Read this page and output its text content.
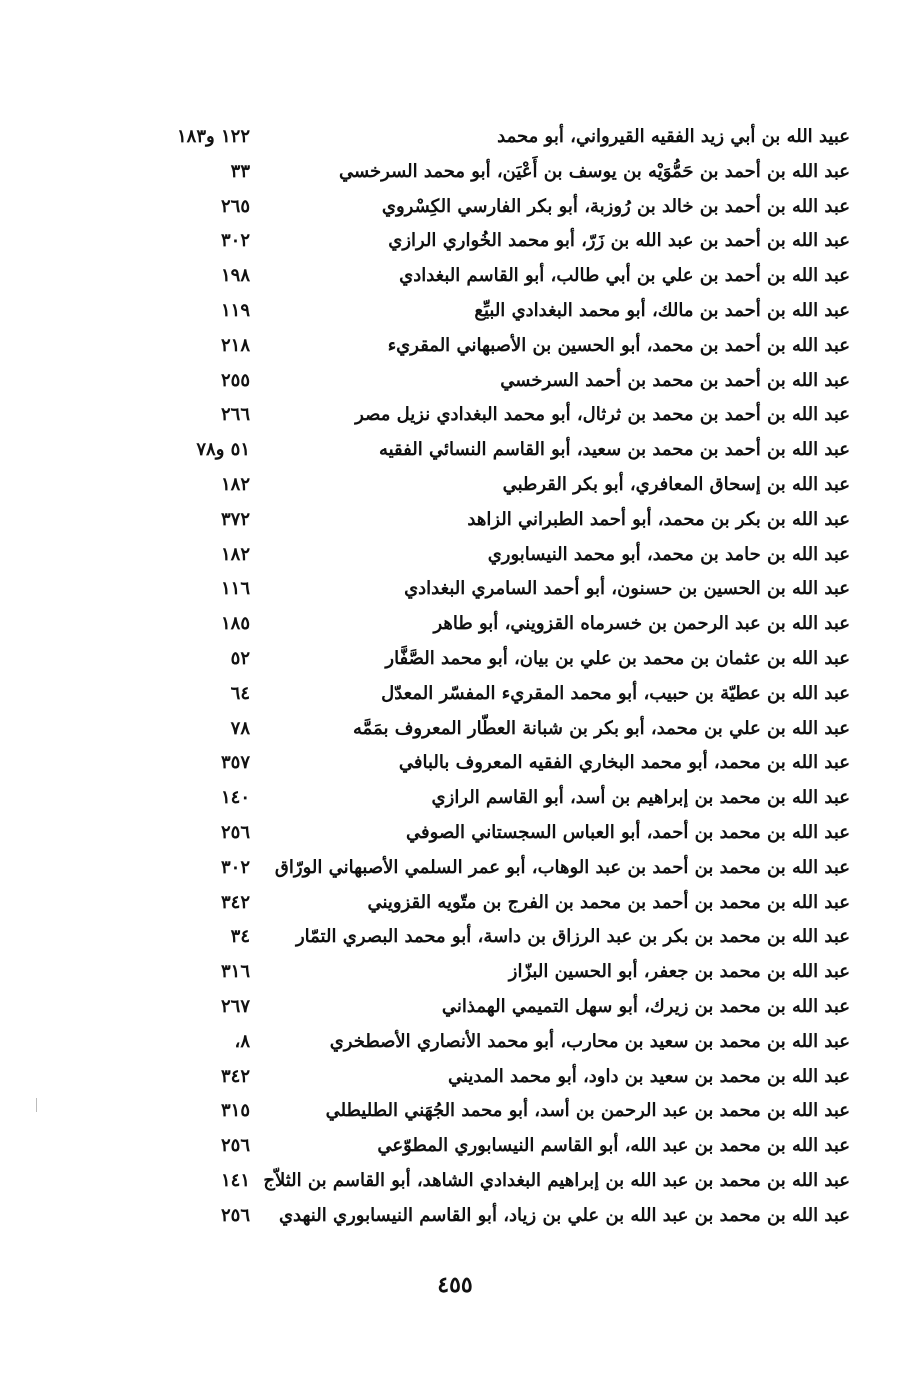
عبيد الله بن أبي زيد الفقيه القيرواني، أبو محمد
١٢٢ و١٨٣
عبد الله بن أحمد بن حَمُّوَيْه بن يوسف بن أَعْيَن، أبو محمد السرخسي
٣٣
عبد الله بن أحمد بن خالد بن رُوزبة، أبو بكر الفارسي الكِسْروي
٢٦٥
عبد الله بن أحمد بن عبد الله بن زَرّ، أبو محمد الخُواري الرازي
٣٠٢
عبد الله بن أحمد بن علي بن أبي طالب، أبو القاسم البغدادي
١٩٨
عبد الله بن أحمد بن مالك، أبو محمد البغدادي البيِّع
١١٩
عبد الله بن أحمد بن محمد، أبو الحسين بن الأصبهاني المقريء
٢١٨
عبد الله بن أحمد بن محمد بن أحمد السرخسي
٢٥٥
عبد الله بن أحمد بن محمد بن ثرثال، أبو محمد البغدادي نزيل مصر
٢٦٦
عبد الله بن أحمد بن محمد بن سعيد، أبو القاسم النسائي الفقيه
٥١ و٧٨
عبد الله بن إسحاق المعافري، أبو بكر القرطبي
١٨٢
عبد الله بن بكر بن محمد، أبو أحمد الطبراني الزاهد
٣٧٢
عبد الله بن حامد بن محمد، أبو محمد النيسابوري
١٨٢
عبد الله بن الحسين بن حسنون، أبو أحمد السامري البغدادي
١١٦
عبد الله بن عبد الرحمن بن خسرماه القزويني، أبو طاهر
١٨٥
عبد الله بن عثمان بن محمد بن علي بن بيان، أبو محمد الصَّفَّار
٥٢
عبد الله بن عطيّة بن حبيب، أبو محمد المقريء المفسّر المعدّل
٦٤
عبد الله بن علي بن محمد، أبو بكر بن شبانة العطّار المعروف بمَمَّه
٧٨
عبد الله بن محمد، أبو محمد البخاري الفقيه المعروف بالبافي
٣٥٧
عبد الله بن محمد بن إبراهيم بن أسد، أبو القاسم الرازي
١٤٠
عبد الله بن محمد بن أحمد، أبو العباس السجستاني الصوفي
٢٥٦
عبد الله بن محمد بن أحمد بن عبد الوهاب، أبو عمر السلمي الأصبهاني الورّاق
٣٠٢
عبد الله بن محمد بن أحمد بن محمد بن الفرج بن متّويه القزويني
٣٤٢
عبد الله بن محمد بن بكر بن عبد الرزاق بن داسة، أبو محمد البصري التمّار
٣٤
عبد الله بن محمد بن جعفر، أبو الحسين البزّاز
٣١٦
عبد الله بن محمد بن زيرك، أبو سهل التميمي الهمذاني
٢٦٧
عبد الله بن محمد بن سعيد بن محارب، أبو محمد الأنصاري الأصطخري
٨،
عبد الله بن محمد بن سعيد بن داود، أبو محمد المديني
٣٤٢
عبد الله بن محمد بن عبد الرحمن بن أسد، أبو محمد الجُهَني الطليطلي
٣١٥
عبد الله بن محمد بن عبد الله، أبو القاسم النيسابوري المطوّعي
٢٥٦
عبد الله بن محمد بن عبد الله بن إبراهيم البغدادي الشاهد، أبو القاسم بن الثلاّج
١٤١
عبد الله بن محمد بن عبد الله بن علي بن زياد، أبو القاسم النيسابوري النهدي
٢٥٦
٤٥٥
